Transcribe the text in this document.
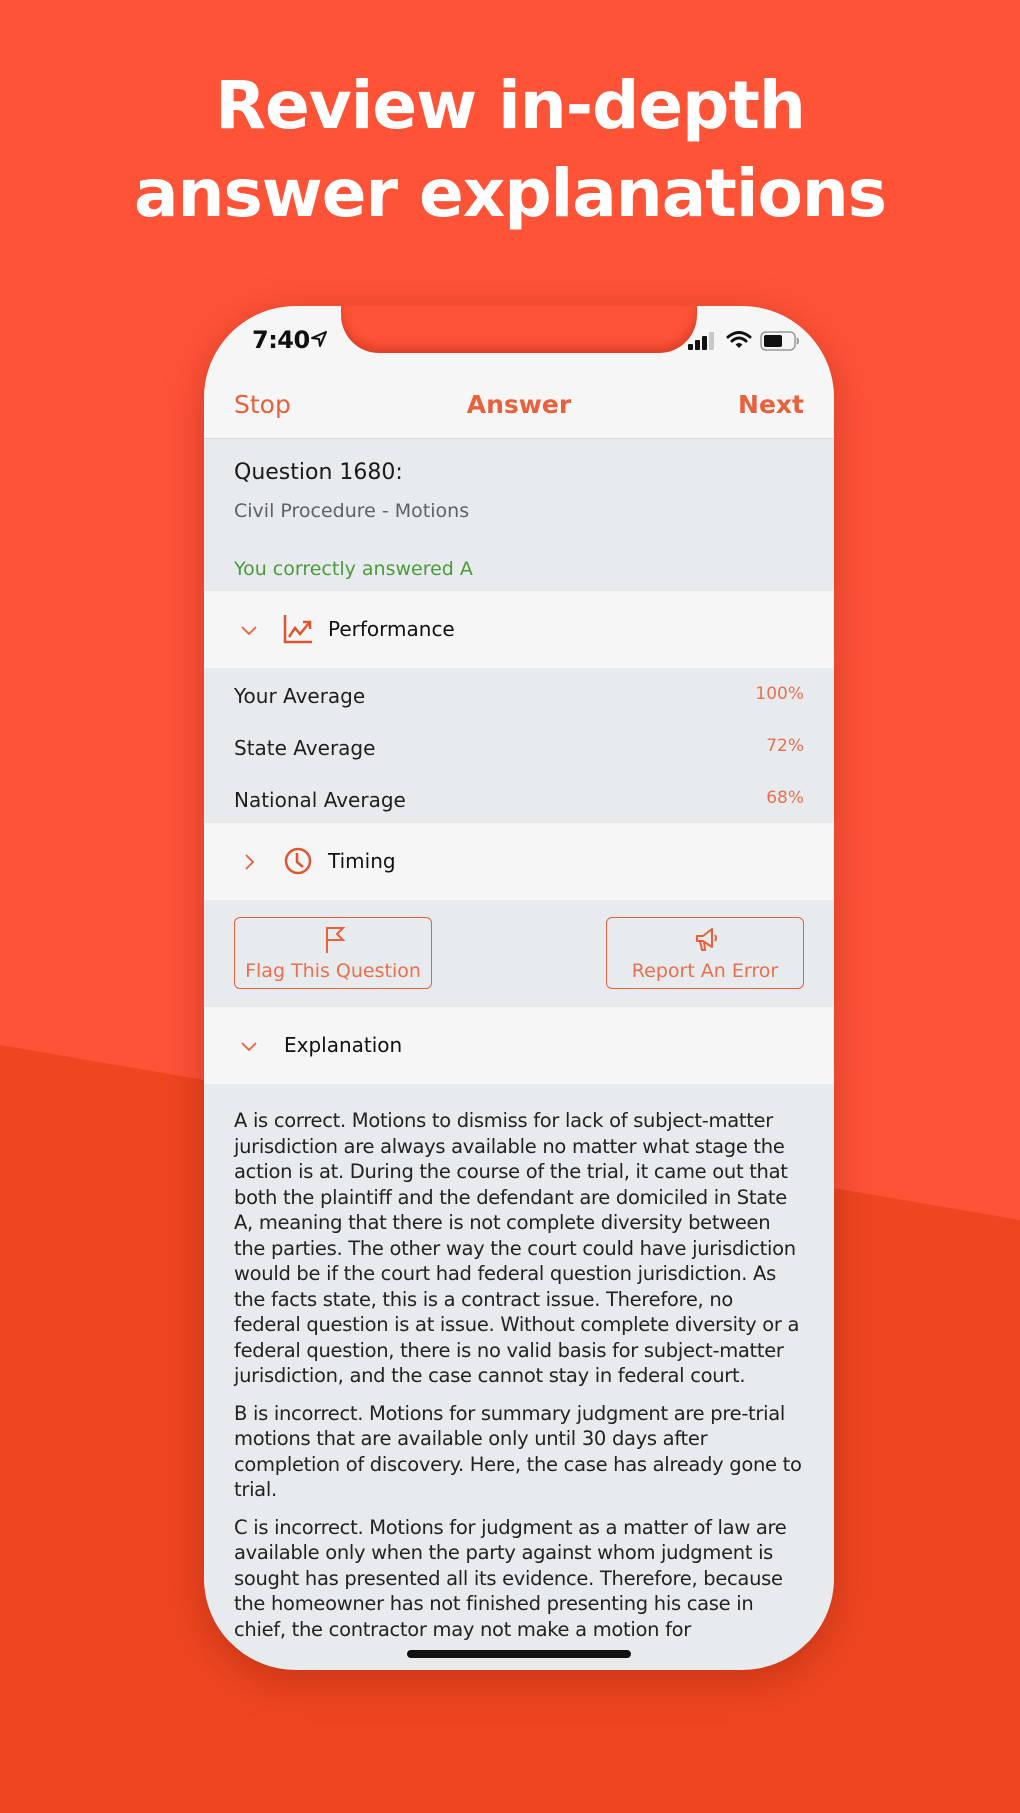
Review in-depth
answer explanations
7:40
Stop	Answer	Next
Question 1680:
Civil Procedure - Motions
You correctly answered A
Performance
Your Average	100%
State Average	72%
National Average	68%
Timing
Flag This Question	Report An Error
Explanation

A is correct. Motions to dismiss for lack of subject-matter jurisdiction are always available no matter what stage the action is at. During the course of the trial, it came out that both the plaintiff and the defendant are domiciled in State A, meaning that there is not complete diversity between the parties. The other way the court could have jurisdiction would be if the court had federal question jurisdiction. As the facts state, this is a contract issue. Therefore, no federal question is at issue. Without complete diversity or a federal question, there is no valid basis for subject-matter jurisdiction, and the case cannot stay in federal court.

B is incorrect. Motions for summary judgment are pre-trial motions that are available only until 30 days after completion of discovery. Here, the case has already gone to trial.

C is incorrect. Motions for judgment as a matter of law are available only when the party against whom judgment is sought has presented all its evidence. Therefore, because the homeowner has not finished presenting his case in chief, the contractor may not make a motion for
